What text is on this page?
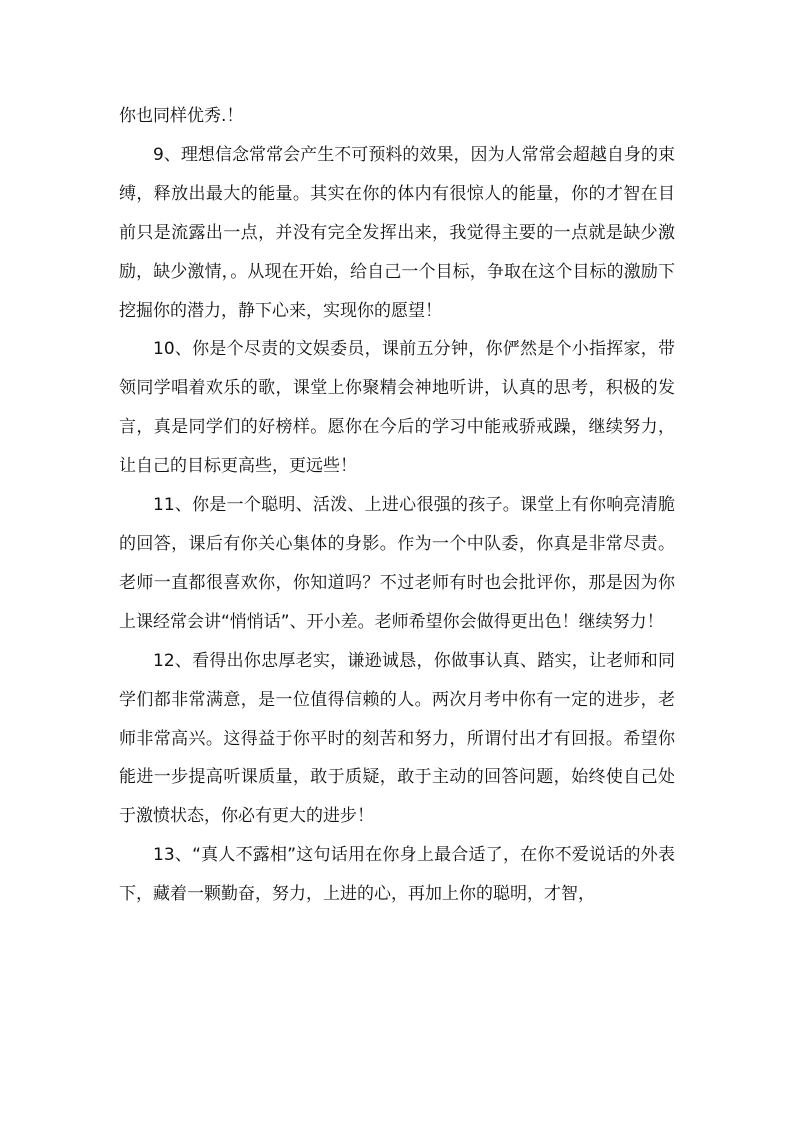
你也同样优秀.！

9、理想信念常常会产生不可预料的效果，因为人常常会超越自身的束缚，释放出最大的能量。其实在你的体内有很惊人的能量，你的才智在目前只是流露出一点，并没有完全发挥出来，我觉得主要的一点就是缺少激励，缺少激情，。从现在开始，给自己一个目标，争取在这个目标的激励下挖掘你的潜力，静下心来，实现你的愿望！

10、你是个尽责的文娱委员，课前五分钟，你俨然是个小指挥家，带领同学唱着欢乐的歌，课堂上你聚精会神地听讲，认真的思考，积极的发言，真是同学们的好榜样。愿你在今后的学习中能戒骄戒躁，继续努力，让自己的目标更高些，更远些！

11、你是一个聪明、活泼、上进心很强的孩子。课堂上有你响亮清脆的回答，课后有你关心集体的身影。作为一个中队委，你真是非常尽责。老师一直都很喜欢你，你知道吗？不过老师有时也会批评你，那是因为你上课经常会讲“悄悄话”、开小差。老师希望你会做得更出色！继续努力！

12、看得出你忠厚老实，谦逊诚恳，你做事认真、踏实，让老师和同学们都非常满意，是一位值得信赖的人。两次月考中你有一定的进步，老师非常高兴。这得益于你平时的刻苦和努力，所谓付出才有回报。希望你能进一步提高听课质量，敢于质疑，敢于主动的回答问题，始终使自己处于激愤状态，你必有更大的进步！

13、“真人不露相”这句话用在你身上最合适了，在你不爱说话的外表下，藏着一颗勤奋，努力，上进的心，再加上你的聪明，才智，
